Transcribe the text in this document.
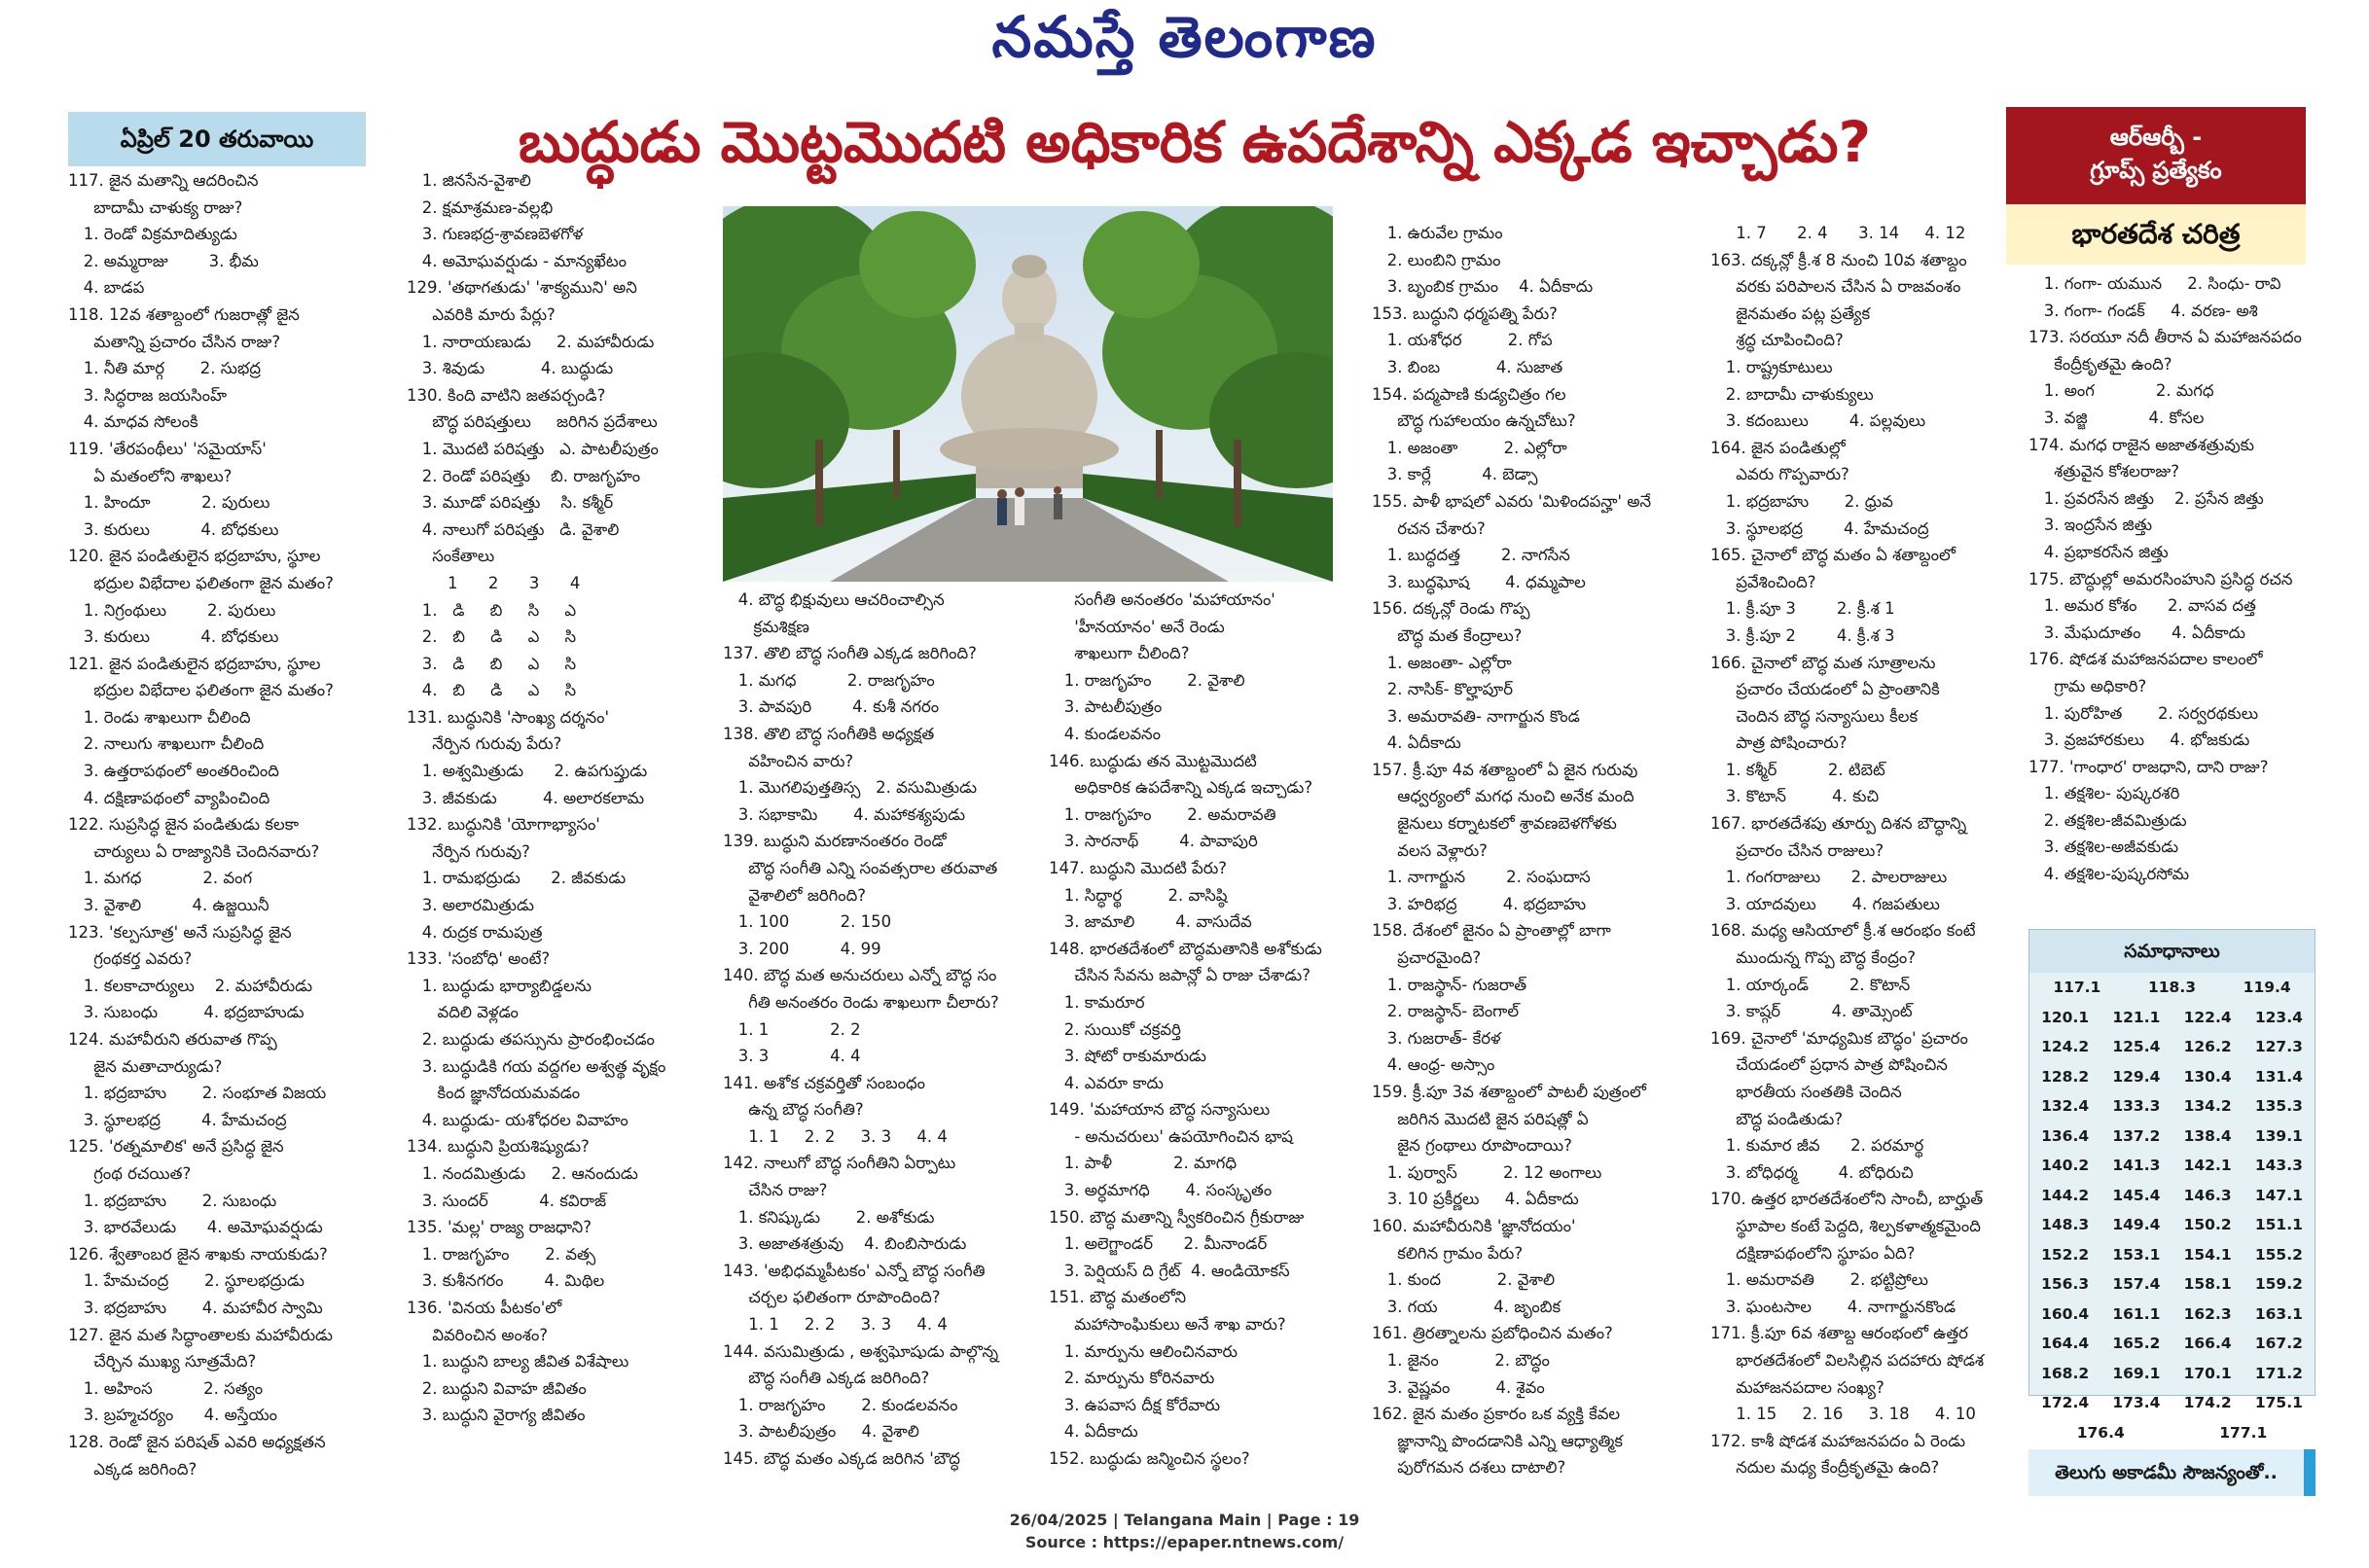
నమస్తే తెలంగాణ
ఏప్రిల్ 20 తరువాయి	బుద్ధుడు మొట్టమొదటి అధికారిక ఉపదేశాన్ని ఎక్కడ ఇచ్చాడు?	ఆర్ఆర్బీ -
గ్రూప్స్ ప్రత్యేకం
భారతదేశ చరిత్ర
117. జైన మతాన్ని ఆదరించిన
బాదామీ చాళుక్య రాజు?
1. రెండో విక్రమాదిత్యుడు
2. అమ్మరాజు        3. భీమ
4. బాడప
118. 12వ శతాబ్దంలో గుజరాత్లో జైన
మతాన్ని ప్రచారం చేసిన రాజు?
1. నీతి మార్గ       2. సుభద్ర
3. సిద్ధరాజ జయసింహ్
4. మాధవ సోలంకి
119. 'తేరపంథీలు' 'సమైయాస్'
ఏ మతంలోని శాఖలు?
1. హిందూ          2. పురులు
3. కురులు          4. బోధకులు
120. జైన పండితులైన భద్రబాహు, స్థూల
భద్రుల విభేదాల ఫలితంగా జైన మతం?
1. నిగ్రంథులు        2. పురులు
3. కురులు          4. బోధకులు
121. జైన పండితులైన భద్రబాహు, స్థూల
భద్రుల విభేదాల ఫలితంగా జైన మతం?
1. రెండు శాఖలుగా చీలింది
2. నాలుగు శాఖలుగా చీలింది
3. ఉత్తరాపథంలో అంతరించింది
4. దక్షిణాపథంలో వ్యాపించింది
122. సుప్రసిద్ధ జైన పండితుడు కలకా
చార్యులు ఏ రాజ్యానికి చెందినవారు?
1. మగధ            2. వంగ
3. వైశాలి          4. ఉజ్జయినీ
123. 'కల్పసూత్ర' అనే సుప్రసిద్ధ జైన
గ్రంథకర్త ఎవరు?
1. కలకాచార్యులు    2. మహావీరుడు
3. సుబంధు         4. భద్రబాహుడు
124. మహావీరుని తరువాత గొప్ప
జైన మతాచార్యుడు?
1. భద్రబాహు       2. సంభూత విజయ
3. స్థూలభద్ర        4. హేమచంద్ర
125. 'రత్నమాలిక' అనే ప్రసిద్ధ జైన
గ్రంథ రచయిత?
1. భద్రబాహు       2. సుబంధు
3. భారవేలుడు      4. అమోఘవర్షుడు
126. శ్వేతాంబర జైన శాఖకు నాయకుడు?
1. హేమచంద్ర       2. స్థూలభద్రుడు
3. భద్రబాహు       4. మహావీర స్వామి
127. జైన మత సిద్ధాంతాలకు మహావీరుడు
చేర్చిన ముఖ్య సూత్రమేది?
1. అహింస          2. సత్యం
3. బ్రహ్మచర్యం      4. అస్తేయం
128. రెండో జైన పరిషత్ ఎవరి అధ్యక్షతన
ఎక్కడ జరిగింది?
1. జినసేన-వైశాలి
2. క్షమాశ్రమణ-వల్లభి
3. గుణభద్ర-శ్రావణబెళగోళ
4. అమోఘవర్షుడు - మాన్యఖేటం
129. 'తథాగతుడు' 'శాక్యముని' అని
ఎవరికి మారు పేర్లు?
1. నారాయణుడు     2. మహావీరుడు
3. శివుడు           4. బుద్ధుడు
130. కింది వాటిని జతపర్చండి?
బౌద్ధ పరిషత్తులు     జరిగిన ప్రదేశాలు
1. మొదటి పరిషత్తు   ఎ. పాటలీపుత్రం
2. రెండో పరిషత్తు    బి. రాజగృహం
3. మూడో పరిషత్తు    సి. కశ్మీర్
4. నాలుగో పరిషత్తు   డి. వైశాలి
సంకేతాలు
1      2      3      4
1.   డి     బి     సి     ఎ
2.   బి     డి     ఎ     సి
3.   డి     బి     ఎ     సి
4.   బి     డి     ఎ     సి
131. బుద్ధునికి 'సాంఖ్య దర్శనం'
నేర్పిన గురువు పేరు?
1. అశ్వమిత్రుడు      2. ఉపగుప్తుడు
3. జీవకుడు         4. అలారకలామ
132. బుద్ధునికి 'యోగాభ్యాసం'
నేర్పిన గురువు?
1. రామభద్రుడు      2. జీవకుడు
3. అలారమిత్రుడు
4. రుద్రక రామపుత్ర
133. 'సంబోధి' అంటే?
1. బుద్ధుడు భార్యాబిడ్డలను
వదిలి వెళ్లడం
2. బుద్ధుడు తపస్సును ప్రారంభించడం
3. బుద్ధుడికి గయ వద్దగల అశ్వత్థ వృక్షం
కింద జ్ఞానోదయమవడం
4. బుద్ధుడు- యశోధరల వివాహం
134. బుద్ధుని ప్రియశిష్యుడు?
1. నందమిత్రుడు     2. ఆనందుడు
3. సుందర్          4. కవిరాజ్
135. 'మల్ల' రాజ్య రాజధాని?
1. రాజగృహం       2. వత్స
3. కుశీనగరం        4. మిథిల
136. 'వినయ పీటకం'లో
వివరించిన అంశం?
1. బుద్ధుని బాల్య జీవిత విశేషాలు
2. బుద్ధుని వివాహ జీవితం
3. బుద్ధుని వైరాగ్య జీవితం
4. బౌద్ధ భిక్షువులు ఆచరించాల్సిన
క్రమశిక్షణ
137. తొలి బౌద్ధ సంగీతి ఎక్కడ జరిగింది?
1. మగధ          2. రాజగృహం
3. పావపురి        4. కుశీ నగరం
138. తొలి బౌద్ధ సంగీతికి అధ్యక్షత
వహించిన వారు?
1. మొగలిపుత్తతిస్స   2. వసుమిత్రుడు
3. సభాకామి       4. మహాకశ్యపుడు
139. బుద్ధుని మరణానంతరం రెండో
బౌద్ధ సంగీతి ఎన్ని సంవత్సరాల తరువాత
వైశాలిలో జరిగింది?
1. 100          2. 150
3. 200          4. 99
140. బౌద్ధ మత అనుచరులు ఎన్నో బౌద్ధ సం
గీతి అనంతరం రెండు శాఖలుగా చీలారు?
1. 1            2. 2
3. 3            4. 4
141. అశోక చక్రవర్తితో సంబంధం
ఉన్న బౌద్ధ సంగీతి?
1. 1     2. 2     3. 3     4. 4
142. నాలుగో బౌద్ధ సంగీతిని ఏర్పాటు
చేసిన రాజు?
1. కనిష్కుడు       2. అశోకుడు
3. అజాతశత్రువు    4. బింబిసారుడు
143. 'అభిధమ్మపీటకం' ఎన్నో బౌద్ధ సంగీతి
చర్చల ఫలితంగా రూపొందింది?
1. 1     2. 2     3. 3     4. 4
144. వసుమిత్రుడు , అశ్వఘోషుడు పాల్గొన్న
బౌద్ధ సంగీతి ఎక్కడ జరిగింది?
1. రాజగృహం       2. కుండలవనం
3. పాటలీపుత్రం     4. వైశాలి
145. బౌద్ధ మతం ఎక్కడ జరిగిన 'బౌద్ధ
సంగీతి అనంతరం 'మహాయానం'
'హీనయానం' అనే రెండు
శాఖలుగా చీలింది?
1. రాజగృహం       2. వైశాలి
3. పాటలీపుత్రం
4. కుండలవనం
146. బుద్ధుడు తన మొట్టమొదటి
అధికారిక ఉపదేశాన్ని ఎక్కడ ఇచ్చాడు?
1. రాజగృహం       2. అమరావతి
3. సారనాథ్        4. పావాపురి
147. బుద్ధుని మొదటి పేరు?
1. సిద్ధార్థ         2. వాసిష్ఠి
3. జామాలి        4. వాసుదేవ
148. భారతదేశంలో బౌద్ధమతానికి అశోకుడు
చేసిన సేవను జపాన్లో ఏ రాజు చేశాడు?
1. కామరూర
2. సుయికో చక్రవర్తి
3. షోటో రాకుమారుడు
4. ఎవరూ కాదు
149. 'మహాయాన బౌద్ధ సన్యాసులు
- అనుచరులు' ఉపయోగించిన భాష
1. పాళీ            2. మాగధి
3. అర్ధమాగధి       4. సంస్కృతం
150. బౌద్ధ మతాన్ని స్వీకరించిన గ్రీకురాజు
1. అలెగ్జాండర్      2. మీనాండర్
3. పెర్షియస్ ది గ్రేట్  4. ఆండియోకస్
151. బౌద్ధ మతంలోని
మహాసాంఘికులు అనే శాఖ వారు?
1. మార్పును ఆలించినవారు
2. మార్పును కోరినవారు
3. ఉపవాస దీక్ష కోరేవారు
4. ఏదీకాదు
152. బుద్ధుడు జన్మించిన స్థలం?
1. ఉరువేల గ్రామం
2. లుంబిని గ్రామం
3. బృంబిక గ్రామం    4. ఏదీకాదు
153. బుద్ధుని ధర్మపత్ని పేరు?
1. యశోధర         2. గోప
3. బింబ           4. సుజాత
154. పద్మపాణి కుడ్యచిత్రం గల
బౌద్ధ గుహాలయం ఉన్నచోటు?
1. అజంతా         2. ఎల్లోరా
3. కార్లే          4. బెడ్సా
155. పాళీ భాషలో ఎవరు 'మిళిందపన్హా' అనే
రచన చేశారు?
1. బుద్ధదత్త        2. నాగసేన
3. బుద్ధఘోష       4. ధమ్మపాల
156. దక్కన్లో రెండు గొప్ప
బౌద్ధ మత కేంద్రాలు?
1. అజంతా- ఎల్లోరా
2. నాసిక్- కొల్హాపూర్
3. అమరావతి- నాగార్జున కొండ
4. ఏదీకాదు
157. క్రీ.పూ 4వ శతాబ్దంలో ఏ జైన గురువు
ఆధ్వర్యంలో మగధ నుంచి అనేక మంది
జైనులు కర్నాటకలో శ్రావణబెళగోళకు
వలస వెళ్లారు?
1. నాగార్జున        2. సంఘదాస
3. హరిభద్ర         4. భద్రబాహు
158. దేశంలో జైనం ఏ ప్రాంతాల్లో బాగా
ప్రచారమైంది?
1. రాజస్థాన్- గుజరాత్
2. రాజస్థాన్- బెంగాల్
3. గుజరాత్- కేరళ
4. ఆంధ్ర- అస్సాం
159. క్రీ.పూ 3వ శతాబ్దంలో పాటలీ పుత్రంలో
జరిగిన మొదటి జైన పరిషత్లో ఏ
జైన గ్రంథాలు రూపొందాయి?
1. పుర్వాస్         2. 12 అంగాలు
3. 10 ప్రకీర్ణలు     4. ఏదీకాదు
160. మహావీరునికి 'జ్ఞానోదయం'
కలిగిన గ్రామం పేరు?
1. కుంద           2. వైశాలి
3. గయ           4. జృంబిక
161. త్రిరత్నాలను ప్రబోధించిన మతం?
1. జైనం           2. బౌద్ధం
3. వైష్ణవం         4. శైవం
162. జైన మతం ప్రకారం ఒక వ్యక్తి కేవల
జ్ఞానాన్ని పొందడానికి ఎన్ని ఆధ్యాత్మిక
పురోగమన దశలు దాటాలి?
1. 7      2. 4      3. 14     4. 12
163. దక్కన్లో క్రీ.శ 8 నుంచి 10వ శతాబ్దం
వరకు పరిపాలన చేసిన ఏ రాజవంశం
జైనమతం పట్ల ప్రత్యేక
శ్రద్ధ చూపించింది?
1. రాష్ట్రకూటులు
2. బాదామీ చాళుక్యులు
3. కదంబులు        4. పల్లవులు
164. జైన పండితుల్లో
ఎవరు గొప్పవారు?
1. భద్రబాహు       2. ధ్రువ
3. స్థూలభద్ర        4. హేమచంద్ర
165. చైనాలో బౌద్ధ మతం ఏ శతాబ్దంలో
ప్రవేశించింది?
1. క్రీ.పూ 3        2. క్రీ.శ 1
3. క్రీ.పూ 2        4. క్రీ.శ 3
166. చైనాలో బౌద్ధ మత సూత్రాలను
ప్రచారం చేయడంలో ఏ ప్రాంతానికి
చెందిన బౌద్ధ సన్యాసులు కీలక
పాత్ర పోషించారు?
1. కశ్మీర్          2. టిబెట్
3. కొటాన్         4. కుచి
167. భారతదేశపు తూర్పు దిశన బౌద్ధాన్ని
ప్రచారం చేసిన రాజులు?
1. గంగరాజులు      2. పాలరాజులు
3. యాదవులు       4. గజపతులు
168. మధ్య ఆసియాలో క్రీ.శ ఆరంభం కంటే
ముందున్న గొప్ప బౌద్ధ కేంద్రం?
1. యార్కండ్        2. కొటాన్
3. కాష్గర్          4. తామ్సెంట్
169. చైనాలో 'మాధ్యమిక బౌద్ధం' ప్రచారం
చేయడంలో ప్రధాన పాత్ర పోషించిన
భారతీయ సంతతికి చెందిన
బౌద్ధ పండితుడు?
1. కుమార జీవ      2. పరమార్థ
3. బోధిధర్మ        4. బోధిరుచి
170. ఉత్తర భారతదేశంలోని సాంచీ, బార్హుత్
స్థూపాల కంటే పెద్దది, శిల్పకళాత్మకమైంది
దక్షిణాపథంలోని స్థూపం ఏది?
1. అమరావతి       2. భట్టిప్రోలు
3. ఘంటసాల       4. నాగార్జునకొండ
171. క్రీ.పూ 6వ శతాబ్ద ఆరంభంలో ఉత్తర
భారతదేశంలో విలసిల్లిన పదహారు షోడశ
మహాజనపదాల సంఖ్య?
1. 15     2. 16     3. 18     4. 10
172. కాశీ షోడశ మహాజనపదం ఏ రెండు
నదుల మధ్య కేంద్రీకృతమై ఉంది?
1. గంగా- యమున     2. సింధు- రావి
3. గంగా- గండక్     4. వరణ- అశి
173. సరయూ నదీ తీరాన ఏ మహాజనపదం
కేంద్రీకృతమై ఉంది?
1. అంగ            2. మగధ
3. వజ్జి            4. కోసల
174. మగధ రాజైన అజాతశత్రువుకు
శత్రువైన కోశలరాజు?
1. ప్రవరసేన జిత్తు    2. ప్రసేన జిత్తు
3. ఇంద్రసేన జిత్తు
4. ప్రభాకరసేన జిత్తు
175. బౌద్ధుల్లో అమరసింహుని ప్రసిద్ధ రచన
1. అమర కోశం      2. వాసవ దత్త
3. మేఘదూతం      4. ఏదీకాదు
176. షోడశ మహాజనపదాల కాలంలో
గ్రామ అధికారి?
1. పురోహిత       2. సర్వరథకులు
3. వ్రజహారకులు     4. భోజకుడు
177. 'గాంధార' రాజధాని, దాని రాజు?
1. తక్షశిల- పుష్కరశరి
2. తక్షశిల-జీవమిత్రుడు
3. తక్షశిల-అజీవకుడు
4. తక్షశిల-పుష్కరసోమ
సమాధానాలు
117.1	118.3	119.4
120.1	121.1	122.4	123.4
124.2	125.4	126.2	127.3
128.2	129.4	130.4	131.4
132.4	133.3	134.2	135.3
136.4	137.2	138.4	139.1
140.2	141.3	142.1	143.3
144.2	145.4	146.3	147.1
148.3	149.4	150.2	151.1
152.2	153.1	154.1	155.2
156.3	157.4	158.1	159.2
160.4	161.1	162.3	163.1
164.4	165.2	166.4	167.2
168.2	169.1	170.1	171.2
172.4	173.4	174.2	175.1
176.4	177.1
తెలుగు అకాడమీ సౌజన్యంతో..
26/04/2025 | Telangana Main | Page : 19
Source : https://epaper.ntnews.com/
